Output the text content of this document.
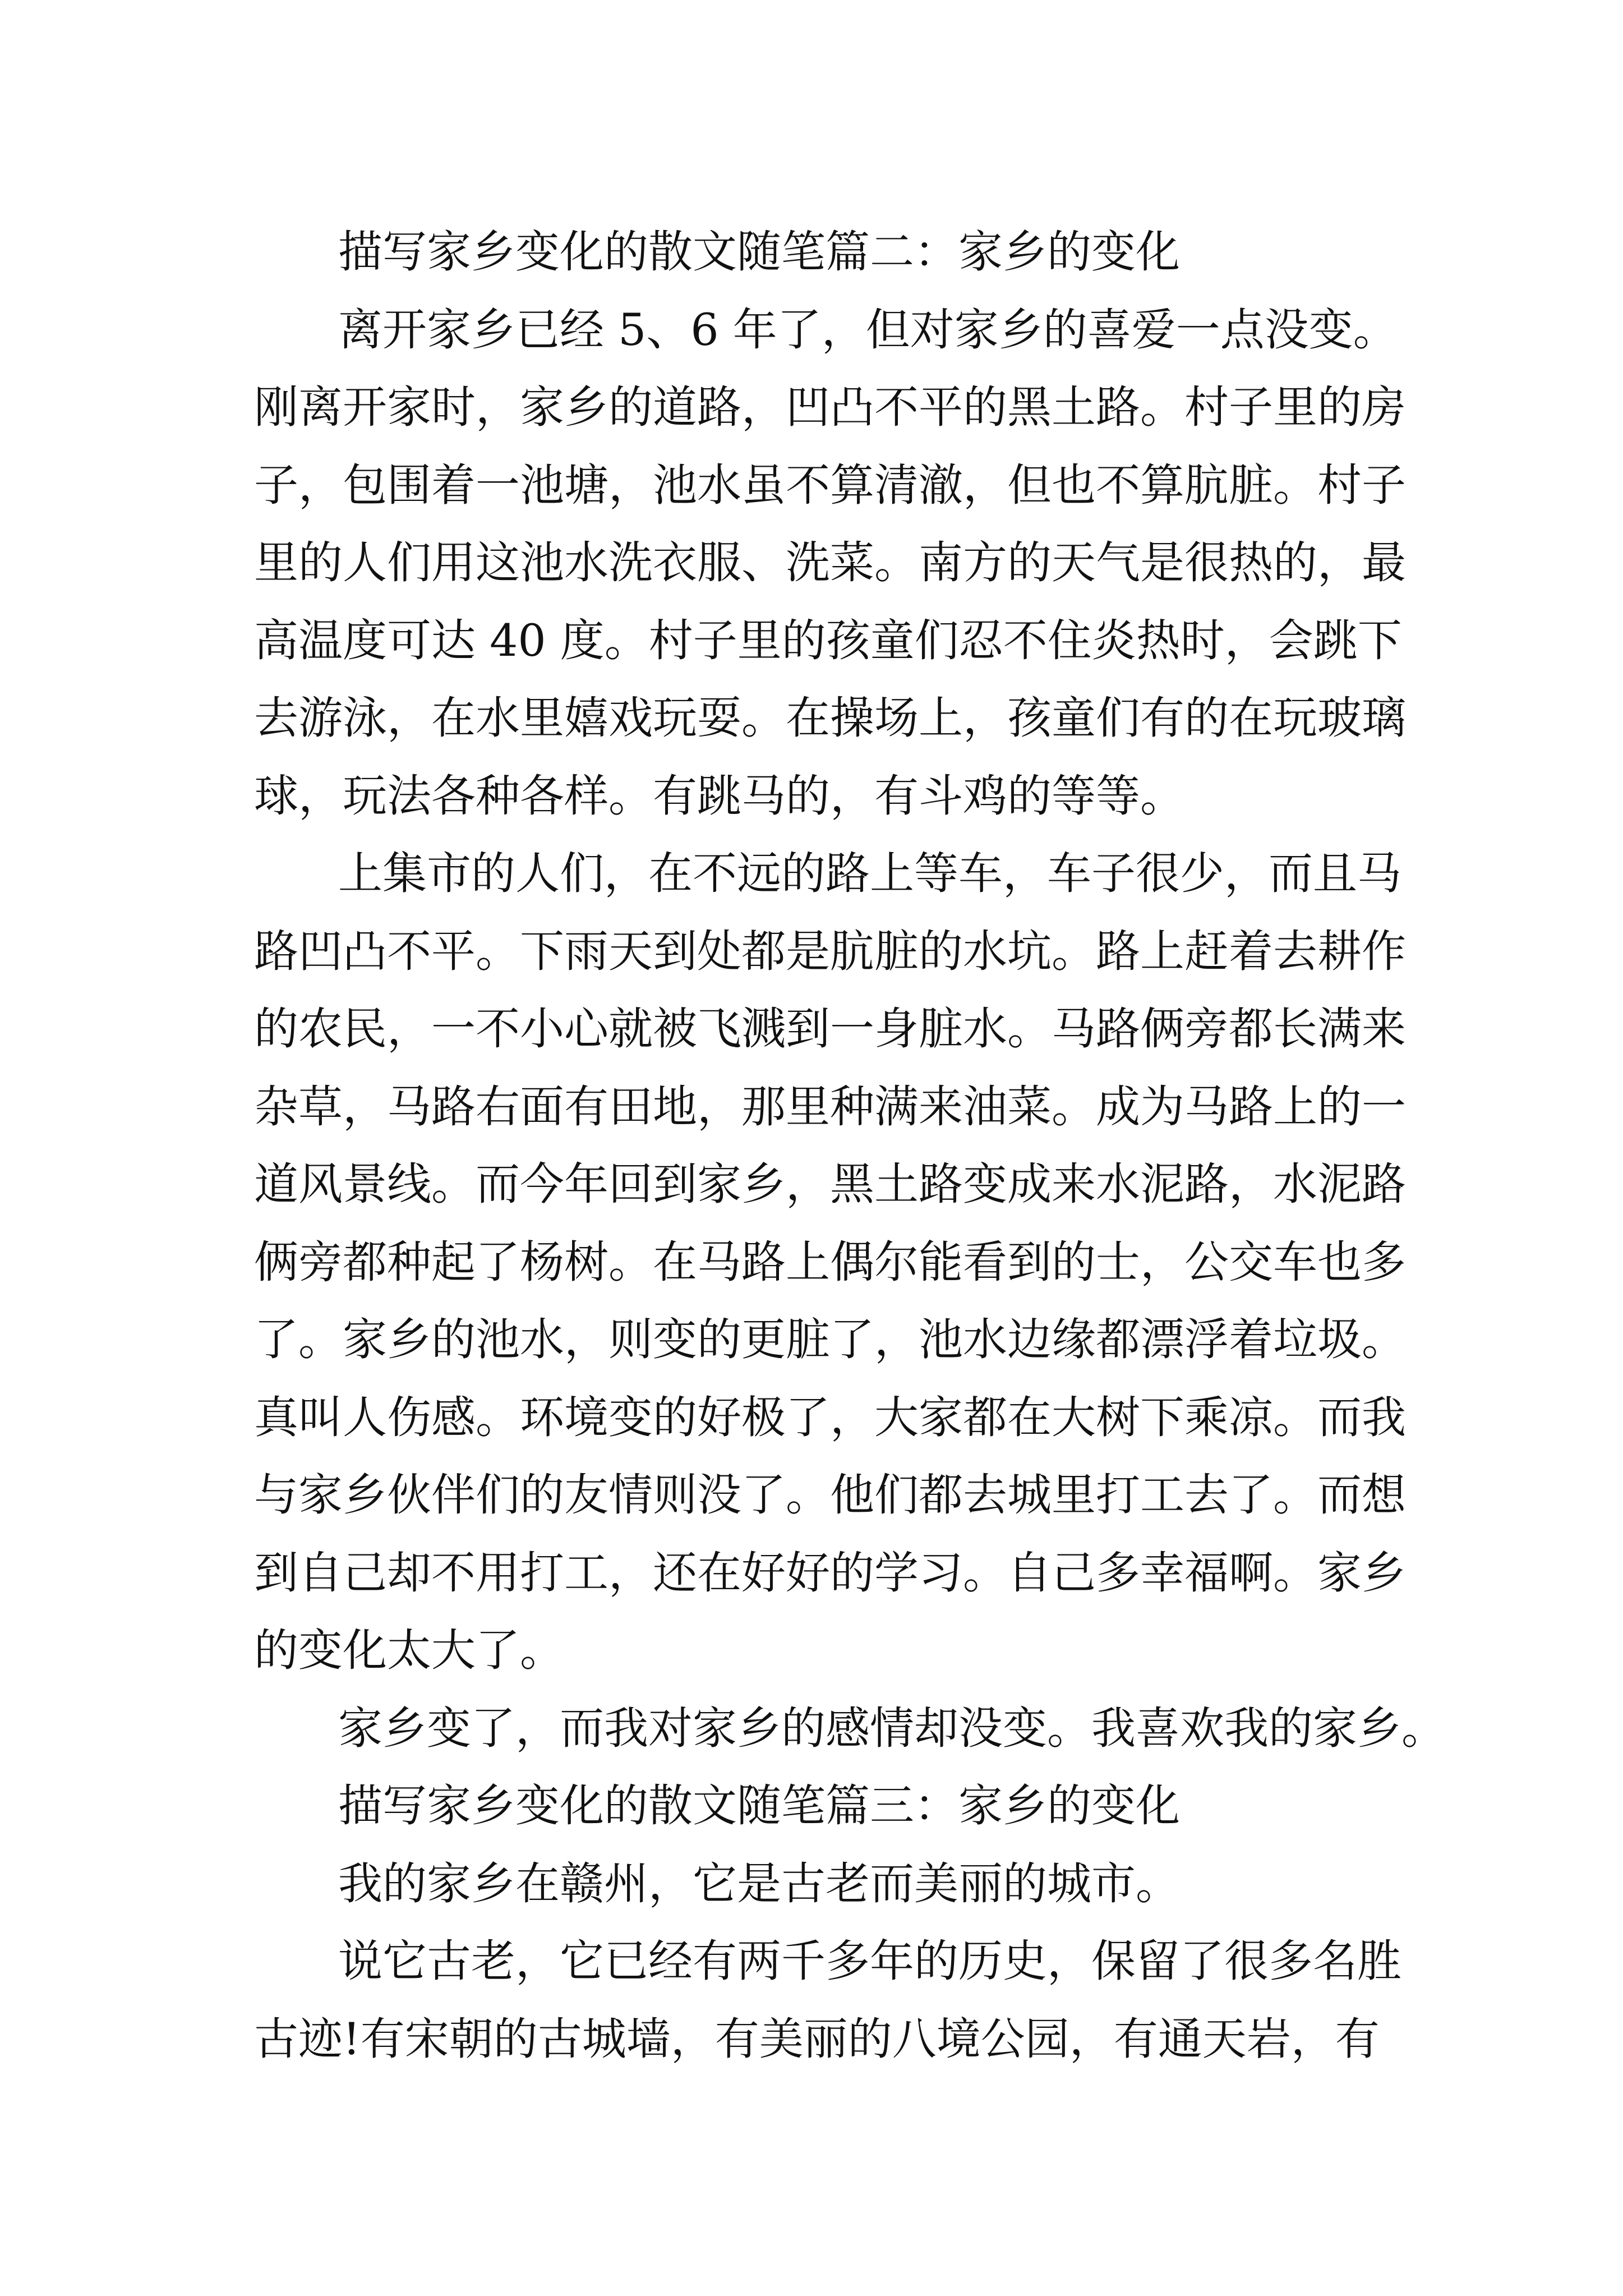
描写家乡变化的散文随笔篇二：家乡的变化
离开家乡已经 5、6 年了，但对家乡的喜爱一点没变。
刚离开家时，家乡的道路，凹凸不平的黑土路。村子里的房
子，包围着一池塘，池水虽不算清澈，但也不算肮脏。村子
里的人们用这池水洗衣服、洗菜。南方的天气是很热的，最
高温度可达 40 度。村子里的孩童们忍不住炎热时，会跳下
去游泳，在水里嬉戏玩耍。在操场上，孩童们有的在玩玻璃
球，玩法各种各样。有跳马的，有斗鸡的等等。
上集市的人们，在不远的路上等车，车子很少，而且马
路凹凸不平。下雨天到处都是肮脏的水坑。路上赶着去耕作
的农民，一不小心就被飞溅到一身脏水。马路俩旁都长满来
杂草，马路右面有田地，那里种满来油菜。成为马路上的一
道风景线。而今年回到家乡，黑土路变成来水泥路，水泥路
俩旁都种起了杨树。在马路上偶尔能看到的士，公交车也多
了。家乡的池水，则变的更脏了，池水边缘都漂浮着垃圾。
真叫人伤感。环境变的好极了，大家都在大树下乘凉。而我
与家乡伙伴们的友情则没了。他们都去城里打工去了。而想
到自己却不用打工，还在好好的学习。自己多幸福啊。家乡
的变化太大了。
家乡变了，而我对家乡的感情却没变。我喜欢我的家乡。
描写家乡变化的散文随笔篇三：家乡的变化
我的家乡在赣州，它是古老而美丽的城市。
说它古老，它已经有两千多年的历史，保留了很多名胜
古迹!有宋朝的古城墙，有美丽的八境公园，有通天岩，有
